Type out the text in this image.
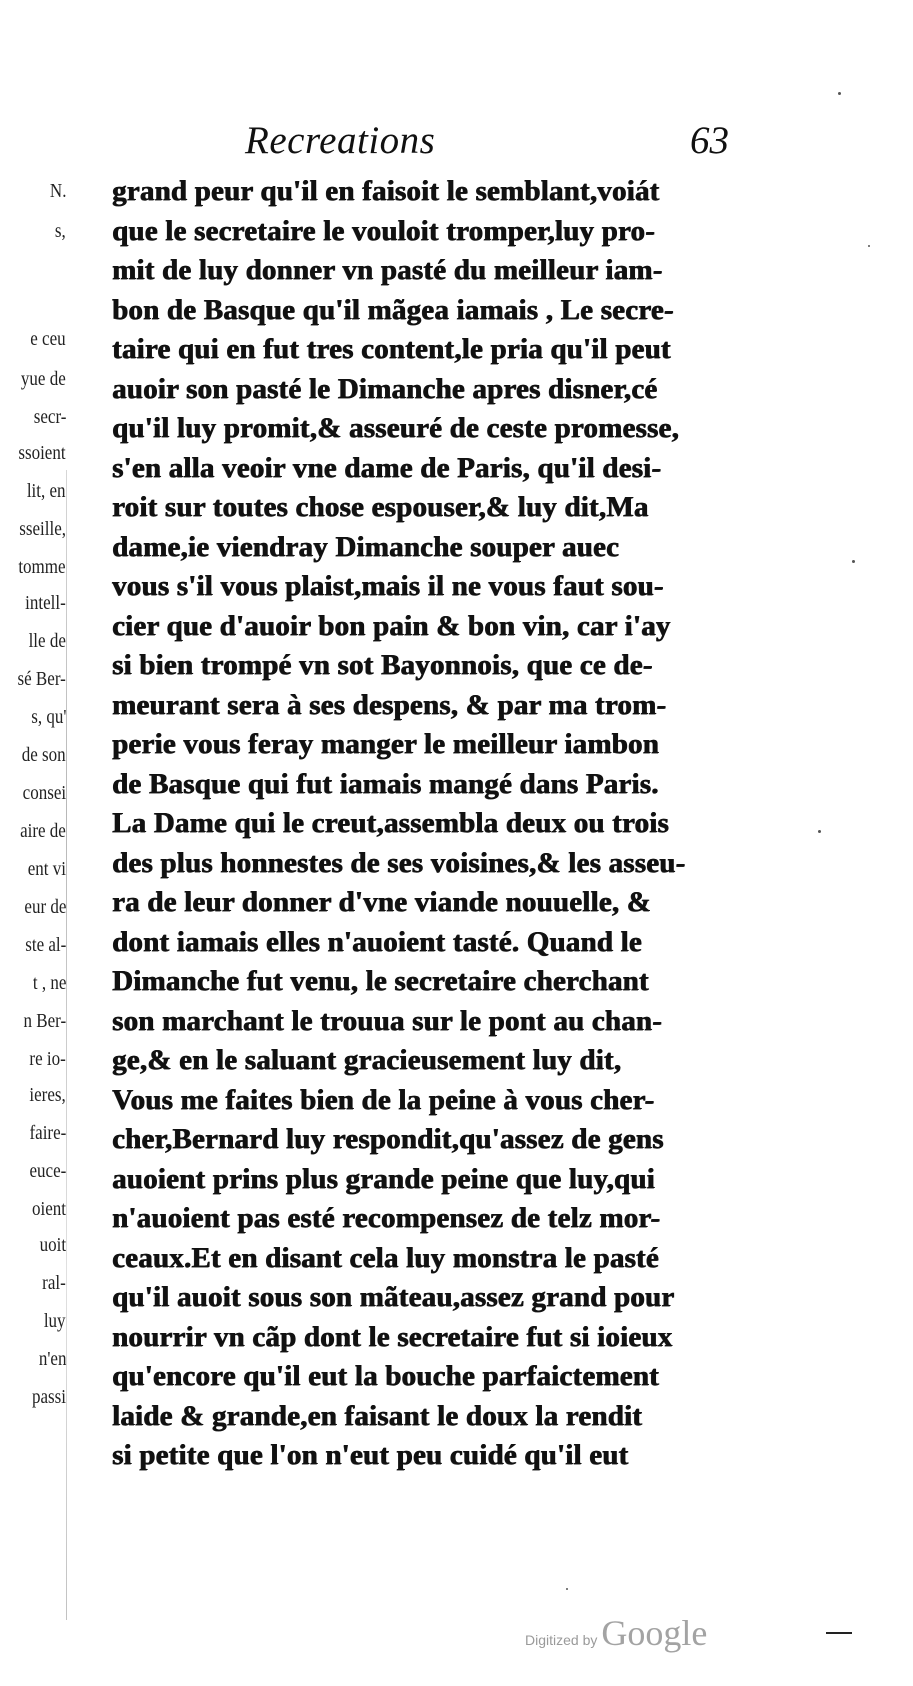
Recreations	63
N.
s,
e ceu
yue de
secr-
ssoient
lit, en
sseille,
tomme
intell-
lle de
sé Ber-
s, qu'
de son
consei
aire de
ent vi
eur de
ste al-
t , ne
n Ber-
re io-
ieres,
faire-
euce-
oient
uoit
ral-
luy
n'en
passi
grand peur qu'il en faisoit le semblant,voiát
que le secretaire le vouloit tromper,luy pro-
mit de luy donner vn pasté du meilleur iam-
bon de Basque qu'il mãgea iamais , Le secre-
taire qui en fut tres content,le pria qu'il peut
auoir son pasté le Dimanche apres disner,cé
qu'il luy promit,& asseuré de ceste promesse,
s'en alla veoir vne dame de Paris, qu'il desi-
roit sur toutes chose espouser,& luy dit,Ma
dame,ie viendray Dimanche souper auec
vous s'il vous plaist,mais il ne vous faut sou-
cier que d'auoir bon pain & bon vin, car i'ay
si bien trompé vn sot Bayonnois, que ce de-
meurant sera à ses despens, & par ma trom-
perie vous feray manger le meilleur iambon
de Basque qui fut iamais mangé dans Paris.
La Dame qui le creut,assembla deux ou trois
des plus honnestes de ses voisines,& les asseu-
ra de leur donner d'vne viande nouuelle, &
dont iamais elles n'auoient tasté. Quand le
Dimanche fut venu, le secretaire cherchant
son marchant le trouua sur le pont au chan-
ge,& en le saluant gracieusement luy dit,
Vous me faites bien de la peine à vous cher-
cher,Bernard luy respondit,qu'assez de gens
auoient prins plus grande peine que luy,qui
n'auoient pas esté recompensez de telz mor-
ceaux.Et en disant cela luy monstra le pasté
qu'il auoit sous son mãteau,assez grand pour
nourrir vn cãp dont le secretaire fut si ioieux
qu'encore qu'il eut la bouche parfaictement
laide & grande,en faisant le doux la rendit
si petite que l'on n'eut peu cuidé qu'il eut
Digitized by Google
